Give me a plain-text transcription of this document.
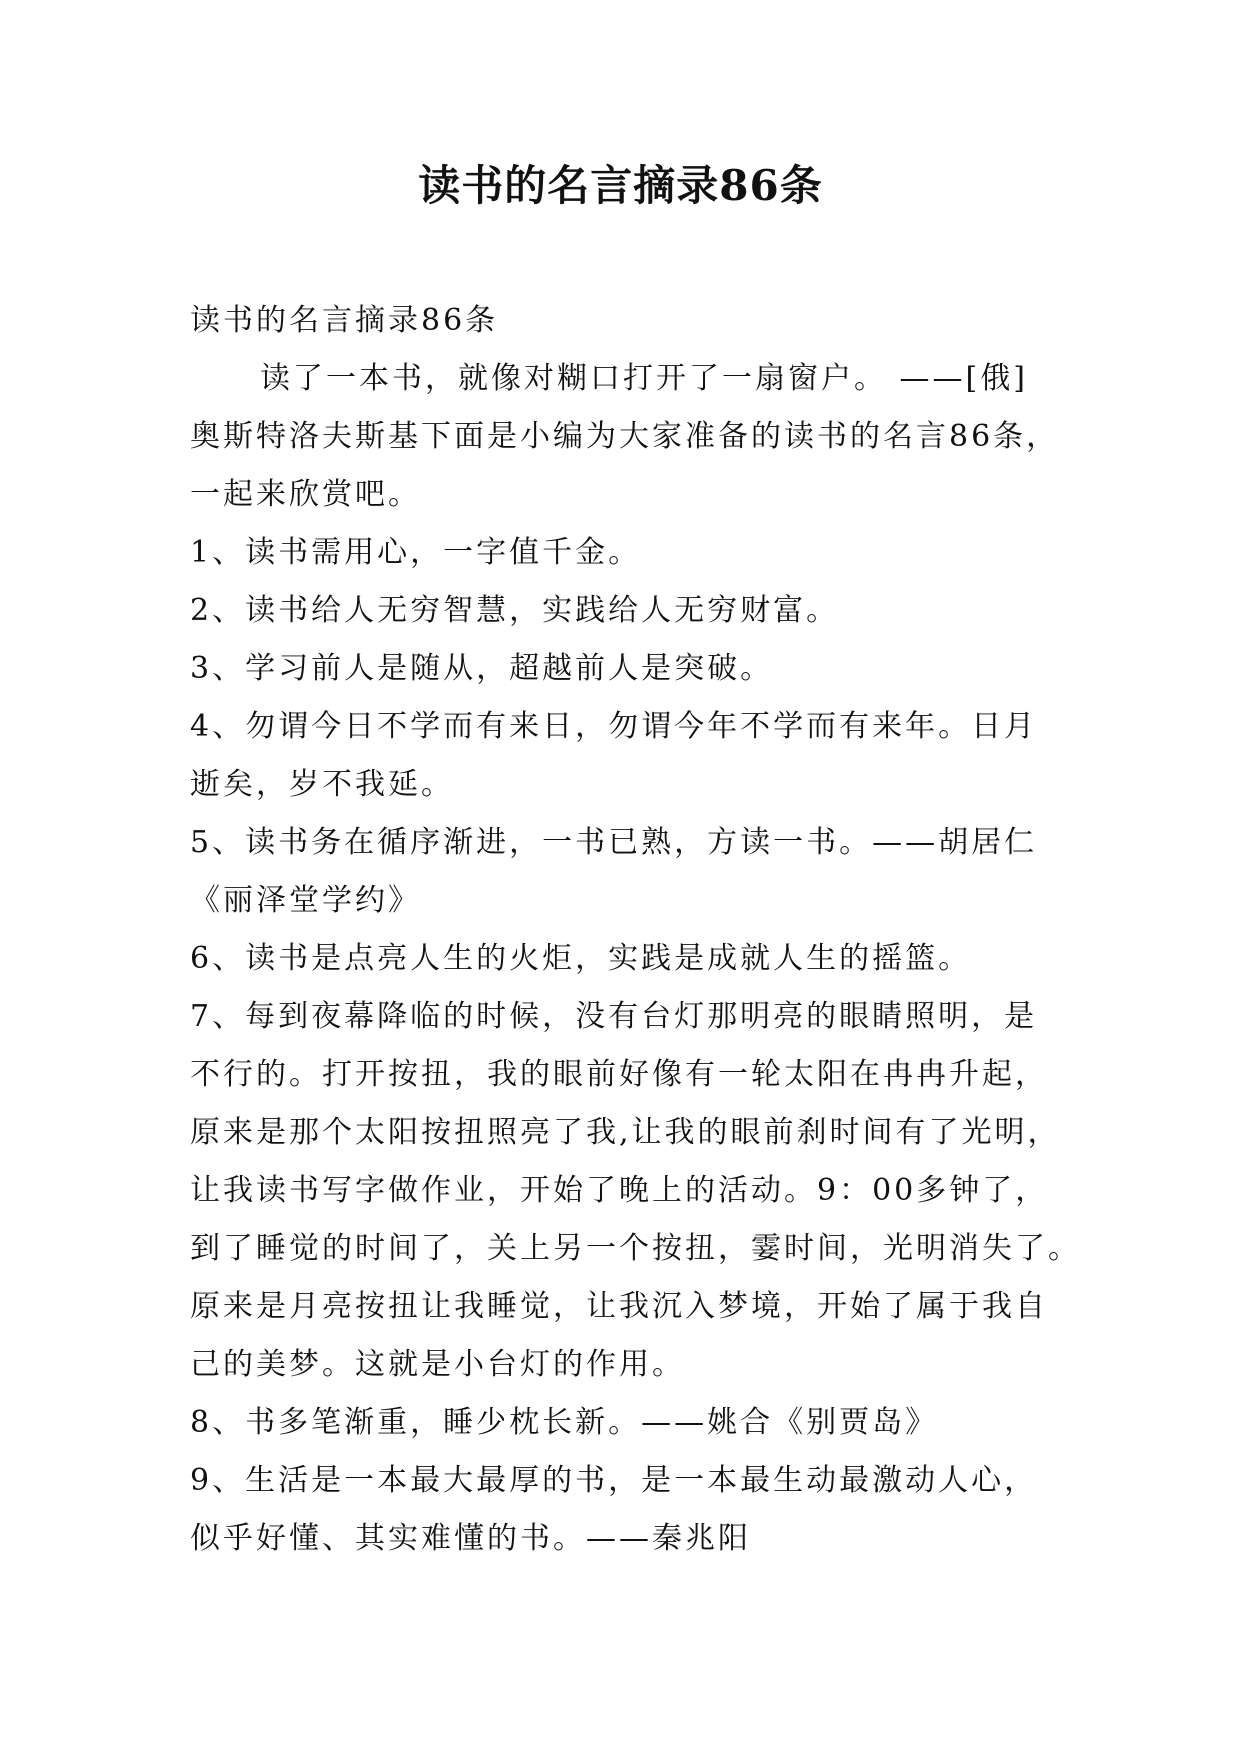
读书的名言摘录86条

读书的名言摘录86条

读了一本书，就像对糊口打开了一扇窗户。 ——[俄]

奥斯特洛夫斯基下面是小编为大家准备的读书的名言86条，

一起来欣赏吧。

1、读书需用心，一字值千金。

2、读书给人无穷智慧，实践给人无穷财富。

3、学习前人是随从，超越前人是突破。

4、勿谓今日不学而有来日，勿谓今年不学而有来年。日月

逝矣，岁不我延。

5、读书务在循序渐进，一书已熟，方读一书。——胡居仁

《丽泽堂学约》

6、读书是点亮人生的火炬，实践是成就人生的摇篮。

7、每到夜幕降临的时候，没有台灯那明亮的眼睛照明，是

不行的。打开按扭，我的眼前好像有一轮太阳在冉冉升起，

原来是那个太阳按扭照亮了我,让我的眼前刹时间有了光明，

让我读书写字做作业，开始了晚上的活动。9：00多钟了，

到了睡觉的时间了，关上另一个按扭，霎时间，光明消失了。

原来是月亮按扭让我睡觉，让我沉入梦境，开始了属于我自

己的美梦。这就是小台灯的作用。

8、书多笔渐重，睡少枕长新。——姚合《别贾岛》

9、生活是一本最大最厚的书，是一本最生动最激动人心，

似乎好懂、其实难懂的书。——秦兆阳
